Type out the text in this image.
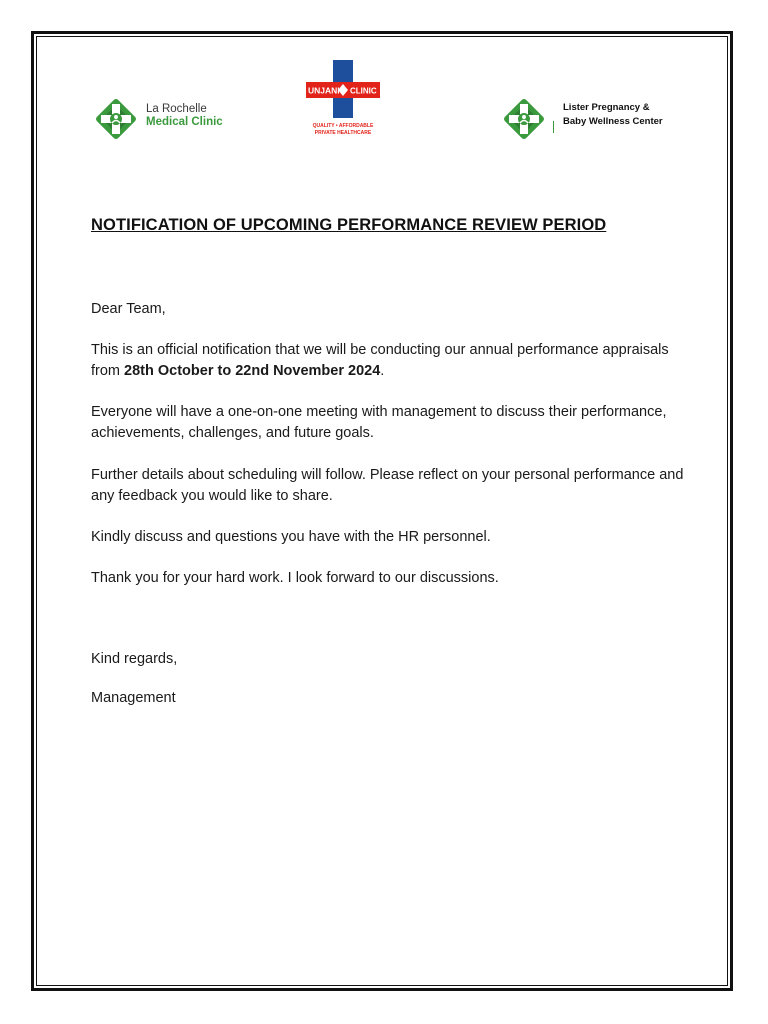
La Rochelle
Medical Clinic
UNJANI CLINIC
QUALITY • AFFORDABLE
PRIVATE HEALTHCARE
Lister Pregnancy &
Baby Wellness Center
NOTIFICATION OF UPCOMING PERFORMANCE REVIEW PERIOD

Dear Team,

This is an official notification that we will be conducting our annual performance appraisals from 28th October to 22nd November 2024.

Everyone will have a one-on-one meeting with management to discuss their performance, achievements, challenges, and future goals.

Further details about scheduling will follow. Please reflect on your personal performance and any feedback you would like to share.

Kindly discuss and questions you have with the HR personnel.

Thank you for your hard work. I look forward to our discussions.

Kind regards,

Management
